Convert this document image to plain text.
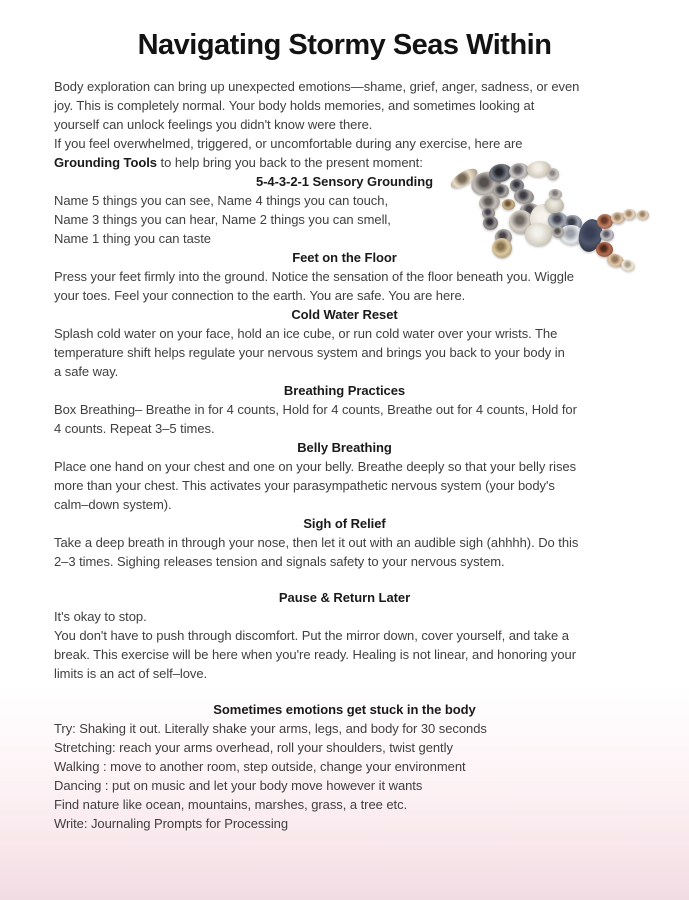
Navigating Stormy Seas Within
Body exploration can bring up unexpected emotions—shame, grief, anger, sadness, or even
joy. This is completely normal. Your body holds memories, and sometimes looking at
yourself can unlock feelings you didn't know were there.
If you feel overwhelmed, triggered, or uncomfortable during any exercise, here are
Grounding Tools to help bring you back to the present moment:
5-4-3-2-1 Sensory Grounding
Name 5 things you can see, Name 4 things you can touch,
Name 3 things you can hear, Name 2 things you can smell,
Name 1 thing you can taste
Feet on the Floor
Press your feet firmly into the ground. Notice the sensation of the floor beneath you. Wiggle
your toes. Feel your connection to the earth. You are safe. You are here.
Cold Water Reset
Splash cold water on your face, hold an ice cube, or run cold water over your wrists. The
temperature shift helps regulate your nervous system and brings you back to your body in
a safe way.
Breathing Practices
Box Breathing– Breathe in for 4 counts, Hold for 4 counts, Breathe out for 4 counts, Hold for
4 counts. Repeat 3–5 times.
Belly Breathing
Place one hand on your chest and one on your belly. Breathe deeply so that your belly rises
more than your chest. This activates your parasympathetic nervous system (your body's
calm–down system).
Sigh of Relief
Take a deep breath in through your nose, then let it out with an audible sigh (ahhhh). Do this
2–3 times. Sighing releases tension and signals safety to your nervous system.
Pause & Return Later
It's okay to stop.
You don't have to push through discomfort. Put the mirror down, cover yourself, and take a
break. This exercise will be here when you're ready. Healing is not linear, and honoring your
limits is an act of self–love.
Sometimes emotions get stuck in the body
Try: Shaking it out. Literally shake your arms, legs, and body for 30 seconds
Stretching: reach your arms overhead, roll your shoulders, twist gently
Walking : move to another room, step outside, change your environment
Dancing : put on music and let your body move however it wants
Find nature like ocean, mountains, marshes, grass, a tree etc.
Write: Journaling Prompts for Processing
